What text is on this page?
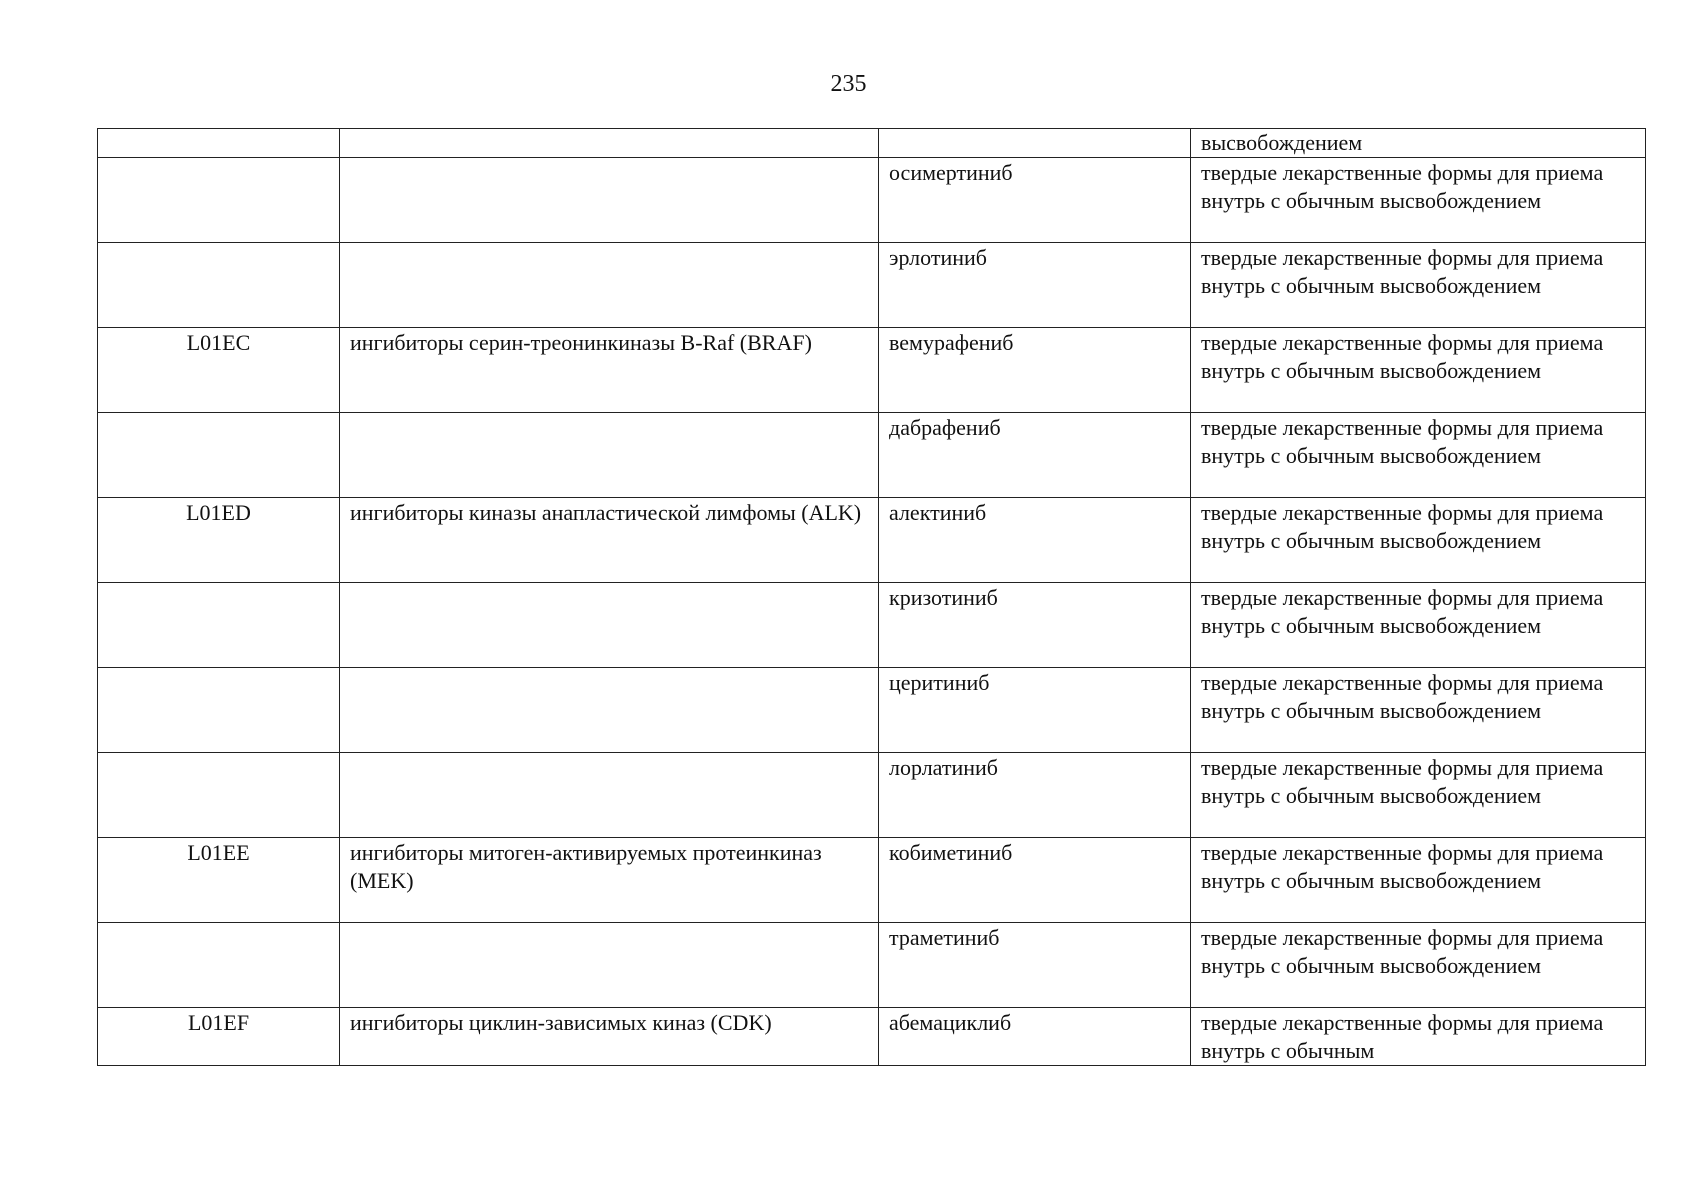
235
			высвобождением
		осимертиниб	твердые лекарственные формы для приема внутрь с обычным высвобождением
		эрлотиниб	твердые лекарственные формы для приема внутрь с обычным высвобождением
L01EC	ингибиторы серин-треонинкиназы B-Raf (BRAF)	вемурафениб	твердые лекарственные формы для приема внутрь с обычным высвобождением
		дабрафениб	твердые лекарственные формы для приема внутрь с обычным высвобождением
L01ED	ингибиторы киназы анапластической лимфомы (ALK)	алектиниб	твердые лекарственные формы для приема внутрь с обычным высвобождением
		кризотиниб	твердые лекарственные формы для приема внутрь с обычным высвобождением
		церитиниб	твердые лекарственные формы для приема внутрь с обычным высвобождением
		лорлатиниб	твердые лекарственные формы для приема внутрь с обычным высвобождением
L01EE	ингибиторы митоген-активируемых протеинкиназ (MEK)	кобиметиниб	твердые лекарственные формы для приема внутрь с обычным высвобождением
		траметиниб	твердые лекарственные формы для приема внутрь с обычным высвобождением
L01EF	ингибиторы циклин-зависимых киназ (CDK)	абемациклиб	твердые лекарственные формы для приема внутрь с обычным
